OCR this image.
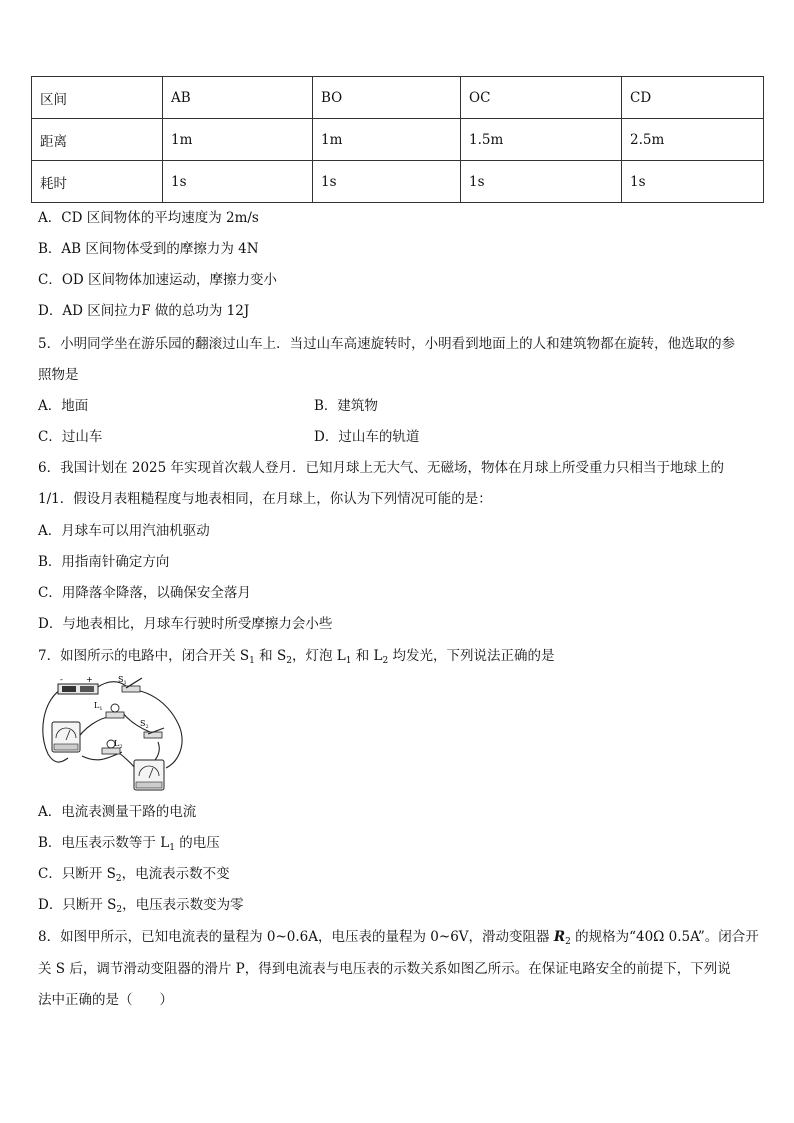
区间	AB	BO	OC	CD
距离	1m	1m	1.5m	2.5m
耗时	1s	1s	1s	1s
A．CD 区间物体的平均速度为 2m/s
B．AB 区间物体受到的摩擦力为 4N
C．OD 区间物体加速运动，摩擦力变小
D．AD 区间拉力F 做的总功为 12J
5．小明同学坐在游乐园的翻滚过山车上．当过山车高速旋转时，小明看到地面上的人和建筑物都在旋转，他选取的参
照物是
A．地面	B．建筑物
C．过山车	D．过山车的轨道
6．我国计划在 2025 年实现首次载人登月．已知月球上无大气、无磁场，物体在月球上所受重力只相当于地球上的
1/1．假设月表粗糙程度与地表相同，在月球上，你认为下列情况可能的是：
A．月球车可以用汽油机驱动
B．用指南针确定方向
C．用降落伞降落，以确保安全落月
D．与地表相比，月球车行驶时所受摩擦力会小些
7．如图所示的电路中，闭合开关 $S_1$ 和 $S_2$，灯泡 $L_1$ 和 $L_2$ 均发光，下列说法正确的是
-	+	$S_1$
$L_1$
$S_2$
$L_2$
A．电流表测量干路的电流
B．电压表示数等于 $L_1$ 的电压
C．只断开 $S_2$，电流表示数不变
D．只断开 $S_2$，电压表示数变为零
8．如图甲所示，已知电流表的量程为 0~0.6A，电压表的量程为 0~6V，滑动变阻器 $R_2$ 的规格为“40Ω 0.5A”。闭合开
关 S 后，调节滑动变阻器的滑片 P，得到电流表与电压表的示数关系如图乙所示。在保证电路安全的前提下，下列说
法中正确的是（　　）
